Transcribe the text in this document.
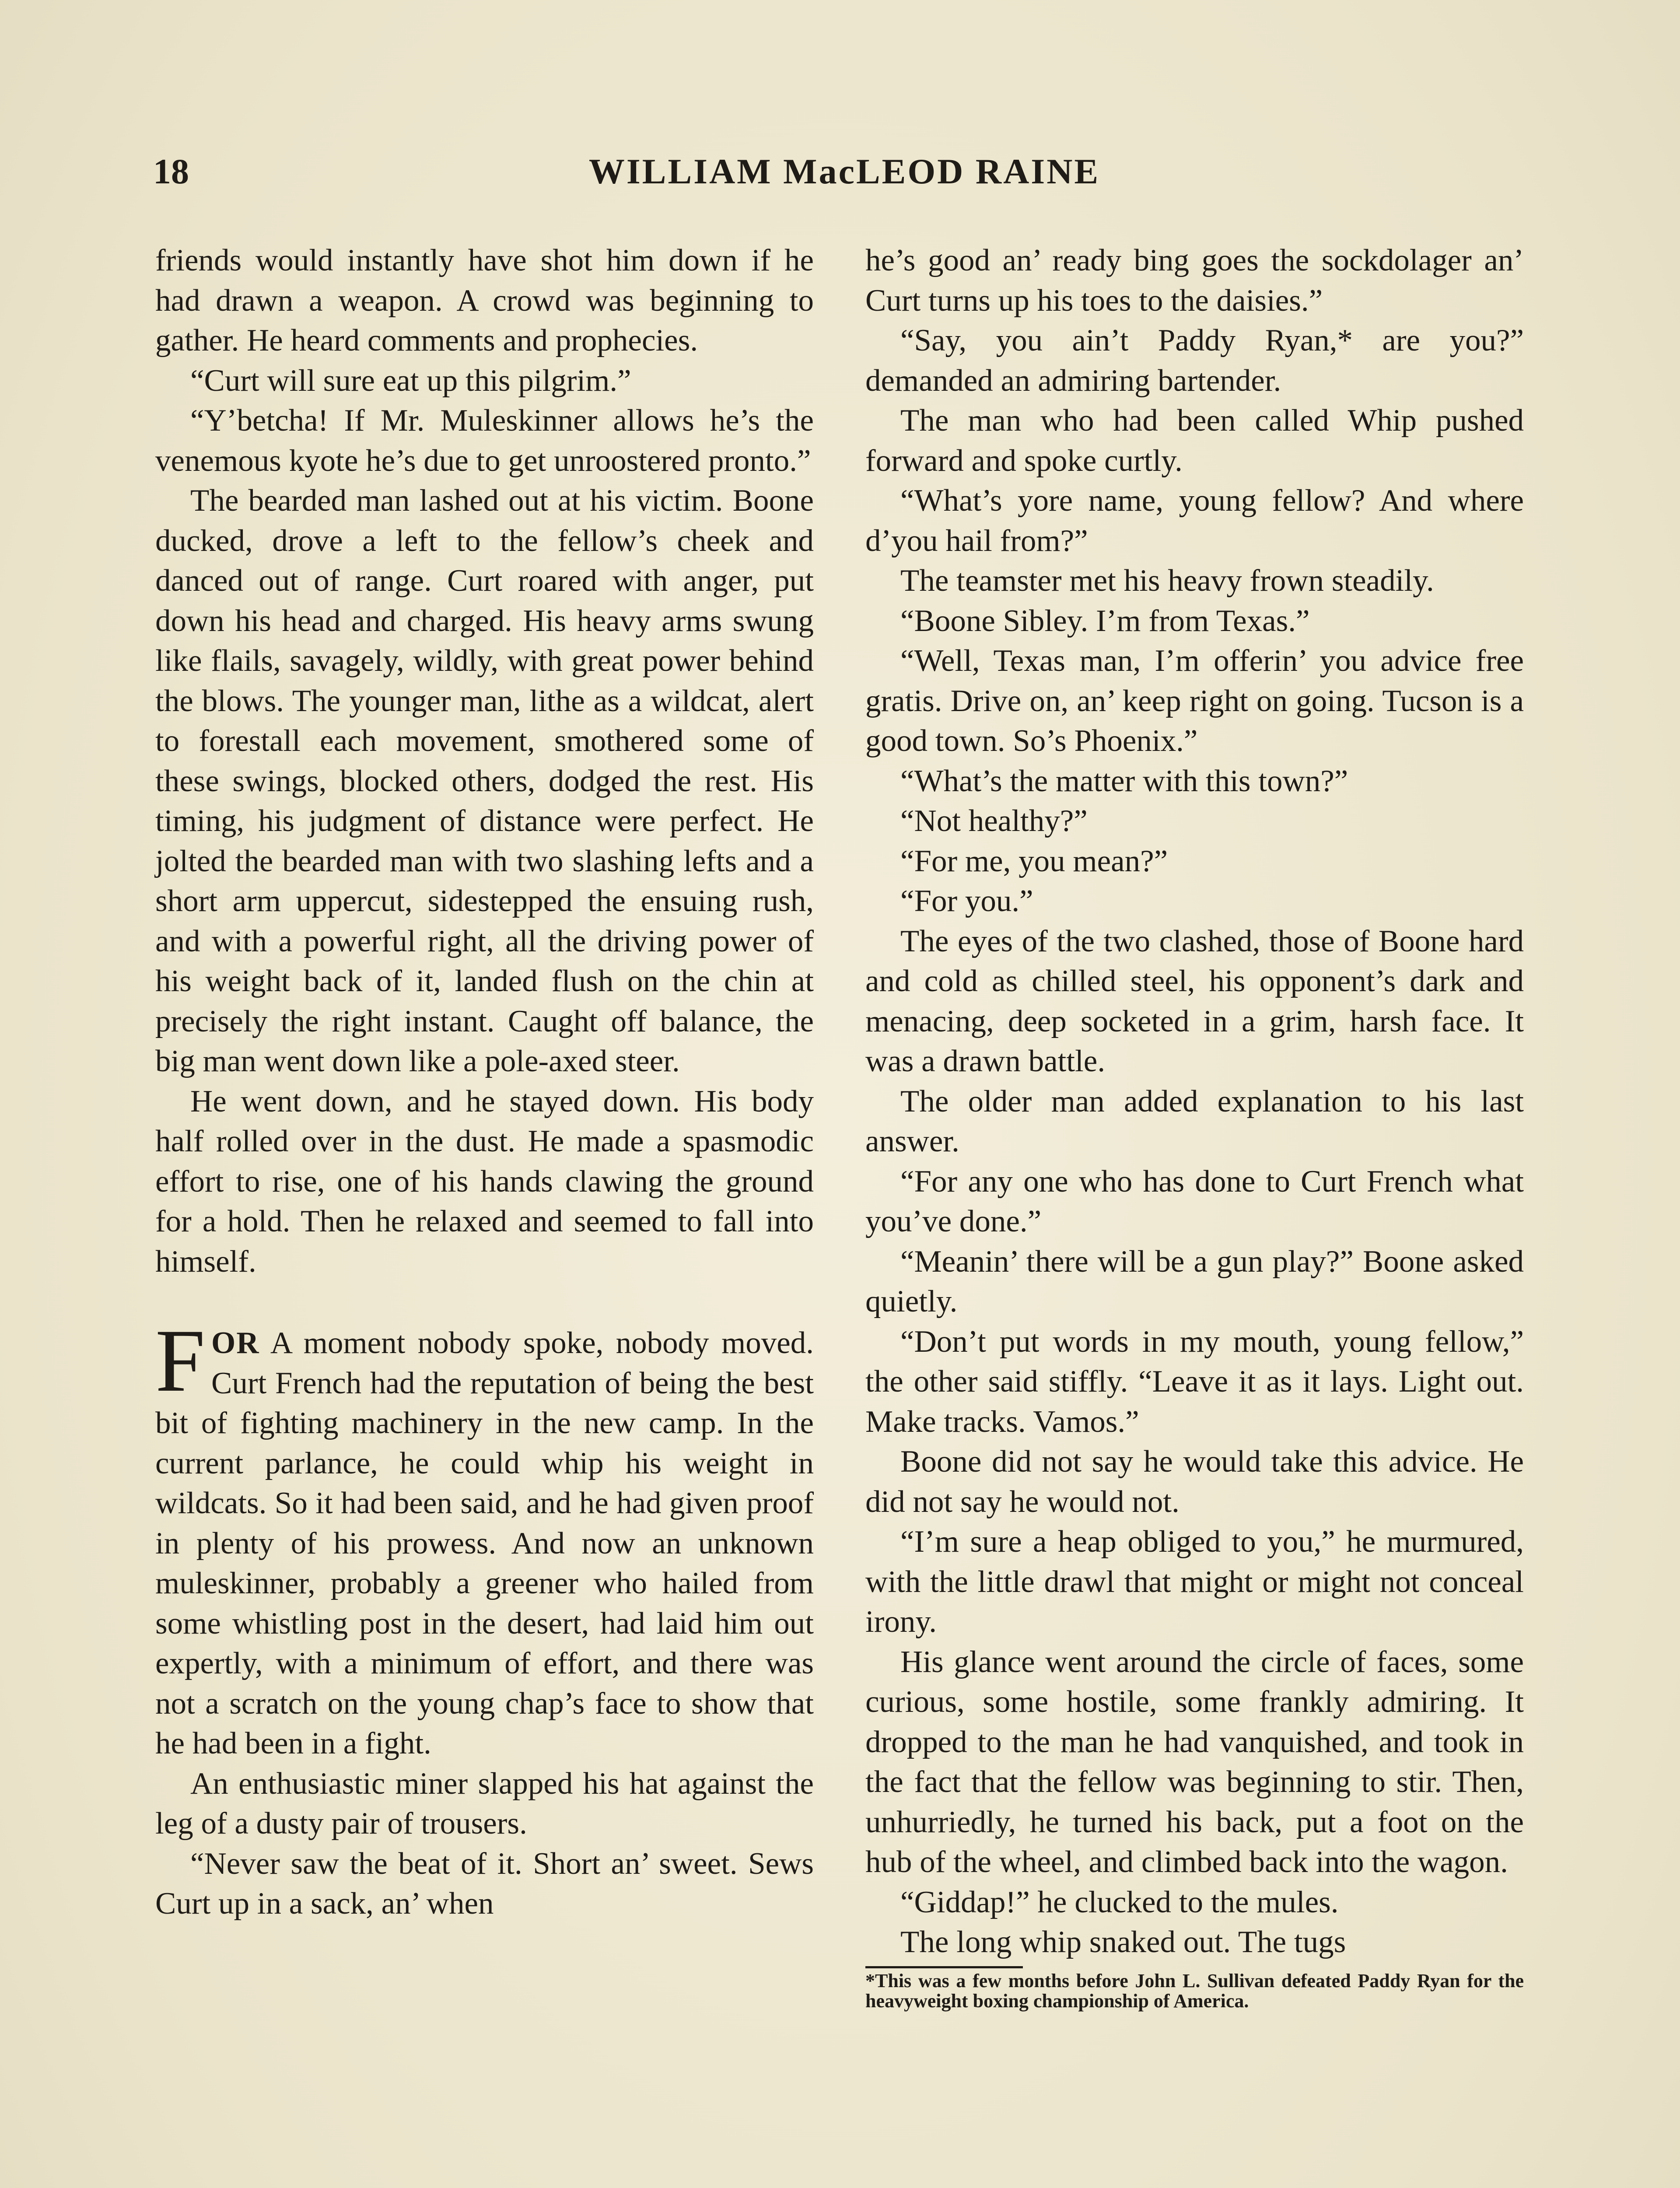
18	WILLIAM MacLEOD RAINE

friends would instantly have shot him down if he had drawn a weapon. A crowd was beginning to gather. He heard comments and prophecies.

“Curt will sure eat up this pilgrim.”

“Y’betcha! If Mr. Muleskinner allows he’s the venemous kyote he’s due to get unroostered pronto.”

The bearded man lashed out at his victim. Boone ducked, drove a left to the fellow’s cheek and danced out of range. Curt roared with anger, put down his head and charged. His heavy arms swung like flails, savagely, wildly, with great power behind the blows. The younger man, lithe as a wildcat, alert to forestall each movement, smothered some of these swings, blocked others, dodged the rest. His timing, his judgment of distance were perfect. He jolted the bearded man with two slashing lefts and a short arm uppercut, sidestepped the ensuing rush, and with a powerful right, all the driving power of his weight back of it, landed flush on the chin at precisely the right instant. Caught off balance, the big man went down like a pole-axed steer.

He went down, and he stayed down. His body half rolled over in the dust. He made a spasmodic effort to rise, one of his hands clawing the ground for a hold. Then he relaxed and seemed to fall into himself.

FOR A moment nobody spoke, nobody moved. Curt French had the reputation of being the best bit of fighting machinery in the new camp. In the current parlance, he could whip his weight in wildcats. So it had been said, and he had given proof in plenty of his prowess. And now an unknown muleskinner, probably a greener who hailed from some whistling post in the desert, had laid him out expertly, with a minimum of effort, and there was not a scratch on the young chap’s face to show that he had been in a fight.

An enthusiastic miner slapped his hat against the leg of a dusty pair of trousers.

“Never saw the beat of it. Short an’ sweet. Sews Curt up in a sack, an’ when

he’s good an’ ready bing goes the sockdolager an’ Curt turns up his toes to the daisies.”

“Say, you ain’t Paddy Ryan,* are you?” demanded an admiring bartender.

The man who had been called Whip pushed forward and spoke curtly.

“What’s yore name, young fellow? And where d’you hail from?”

The teamster met his heavy frown steadily.

“Boone Sibley. I’m from Texas.”

“Well, Texas man, I’m offerin’ you advice free gratis. Drive on, an’ keep right on going. Tucson is a good town. So’s Phoenix.”

“What’s the matter with this town?”

“Not healthy?”

“For me, you mean?”

“For you.”

The eyes of the two clashed, those of Boone hard and cold as chilled steel, his opponent’s dark and menacing, deep socketed in a grim, harsh face. It was a drawn battle.

The older man added explanation to his last answer.

“For any one who has done to Curt French what you’ve done.”

“Meanin’ there will be a gun play?” Boone asked quietly.

“Don’t put words in my mouth, young fellow,” the other said stiffly. “Leave it as it lays. Light out. Make tracks. Vamos.”

Boone did not say he would take this advice. He did not say he would not.

“I’m sure a heap obliged to you,” he murmured, with the little drawl that might or might not conceal irony.

His glance went around the circle of faces, some curious, some hostile, some frankly admiring. It dropped to the man he had vanquished, and took in the fact that the fellow was beginning to stir. Then, unhurriedly, he turned his back, put a foot on the hub of the wheel, and climbed back into the wagon.

“Giddap!” he clucked to the mules.

The long whip snaked out. The tugs

*This was a few months before John L. Sullivan defeated Paddy Ryan for the heavyweight boxing championship of America.
